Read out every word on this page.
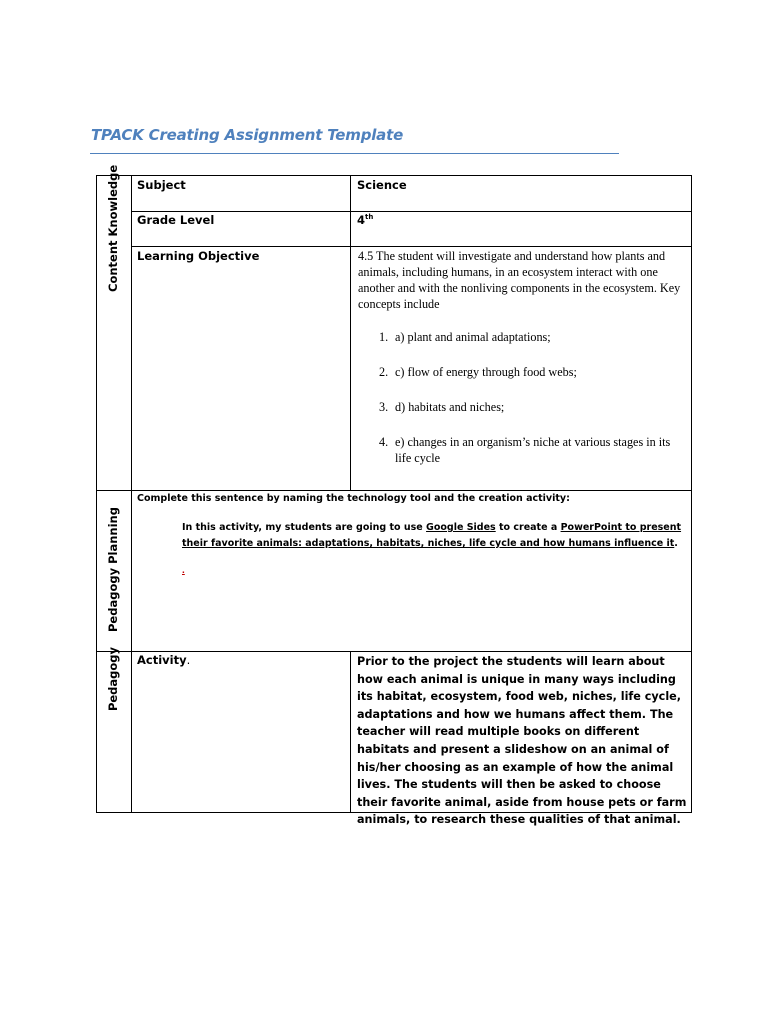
TPACK Creating Assignment Template
Content Knowledge
Pedagogy Planning
Pedagogy
Subject	Science
Grade Level	4th
Learning Objective	4.5 The student will investigate and understand how plants and animals, including humans, in an ecosystem interact with one another and with the nonliving components in the ecosystem. Key concepts include
1. a) plant and animal adaptations;
2. c) flow of energy through food webs;
3. d) habitats and niches;
4. e) changes in an organism’s niche at various stages in its life cycle
Complete this sentence by naming the technology tool and the creation activity:
In this activity, my students are going to use Google Sides to create a PowerPoint to present their favorite animals: adaptations, habitats, niches, life cycle and how humans influence it.
.
Activity.	Prior to the project the students will learn about how each animal is unique in many ways including its habitat, ecosystem, food web, niches, life cycle, adaptations and how we humans affect them. The teacher will read multiple books on different habitats and present a slideshow on an animal of his/her choosing as an example of how the animal lives. The students will then be asked to choose their favorite animal, aside from house pets or farm animals, to research these qualities of that animal.
